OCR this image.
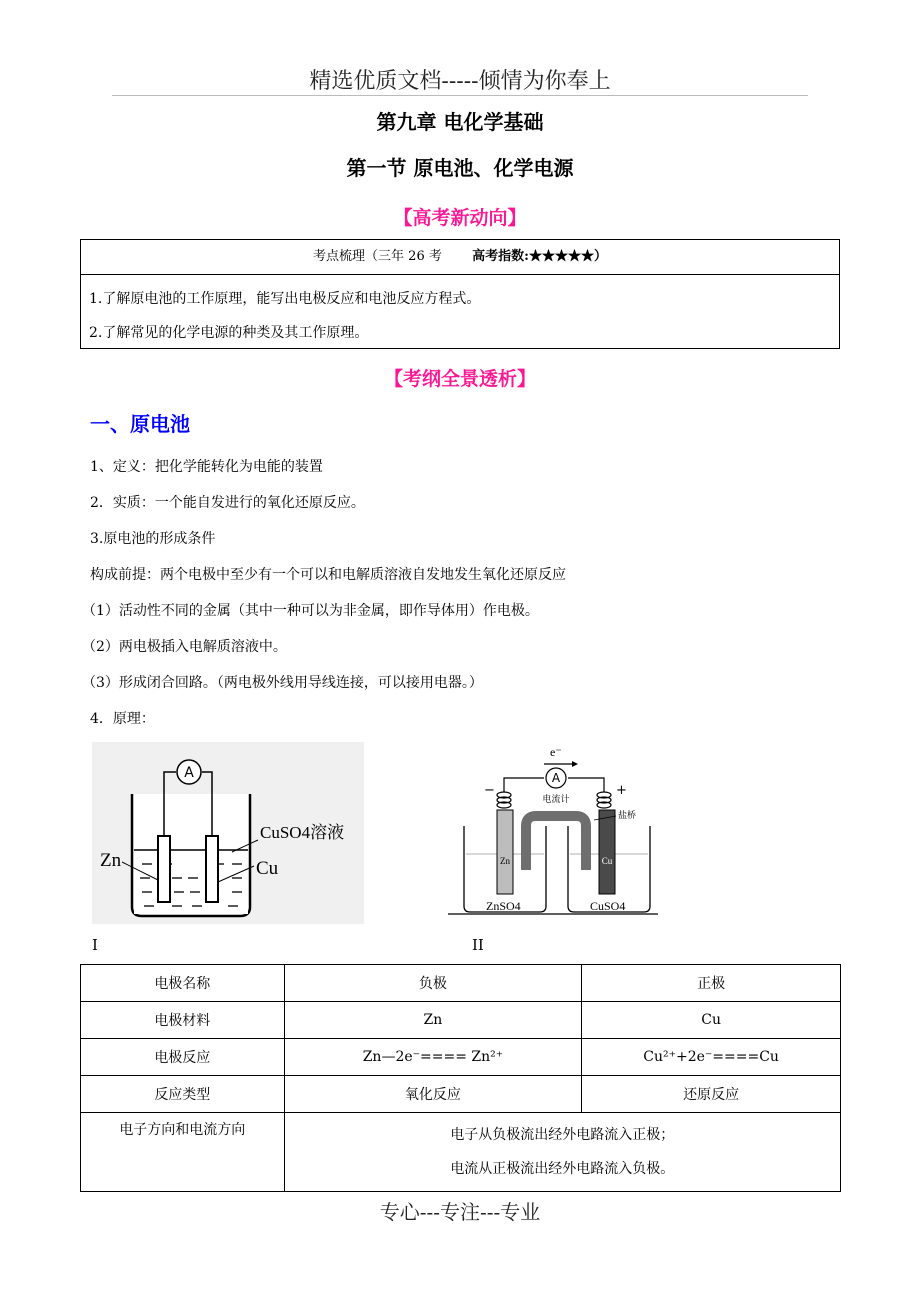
精选优质文档-----倾情为你奉上
第九章 电化学基础
第一节 原电池、化学电源
【高考新动向】
考点梳理（三年 26 考 高考指数:★★★★★）
1.了解原电池的工作原理，能写出电极反应和电池反应方程式。
2.了解常见的化学电源的种类及其工作原理。
【考纲全景透析】
一、原电池
1、定义：把化学能转化为电能的装置
2．实质：一个能自发进行的氧化还原反应。
3.原电池的形成条件
构成前提：两个电极中至少有一个可以和电解质溶液自发地发生氧化还原反应
（1）活动性不同的金属（其中一种可以为非金属，即作导体用）作电极。
（2）两电极插入电解质溶液中。
（3）形成闭合回路。（两电极外线用导线连接，可以接用电器。）
4．原理：
A
Zn	Cu
CuSO4溶液
I
e⁻
A
电流计
−	+
Zn	Cu
盐桥
ZnSO4	CuSO4
II
电极名称	负极	正极
电极材料	Zn	Cu
电极反应	Zn—2e⁻==== Zn²⁺	Cu²⁺+2e⁻====Cu
反应类型	氧化反应	还原反应
电子方向和电流方向	电子从负极流出经外电路流入正极；
电流从正极流出经外电路流入负极。	
专心---专注---专业
